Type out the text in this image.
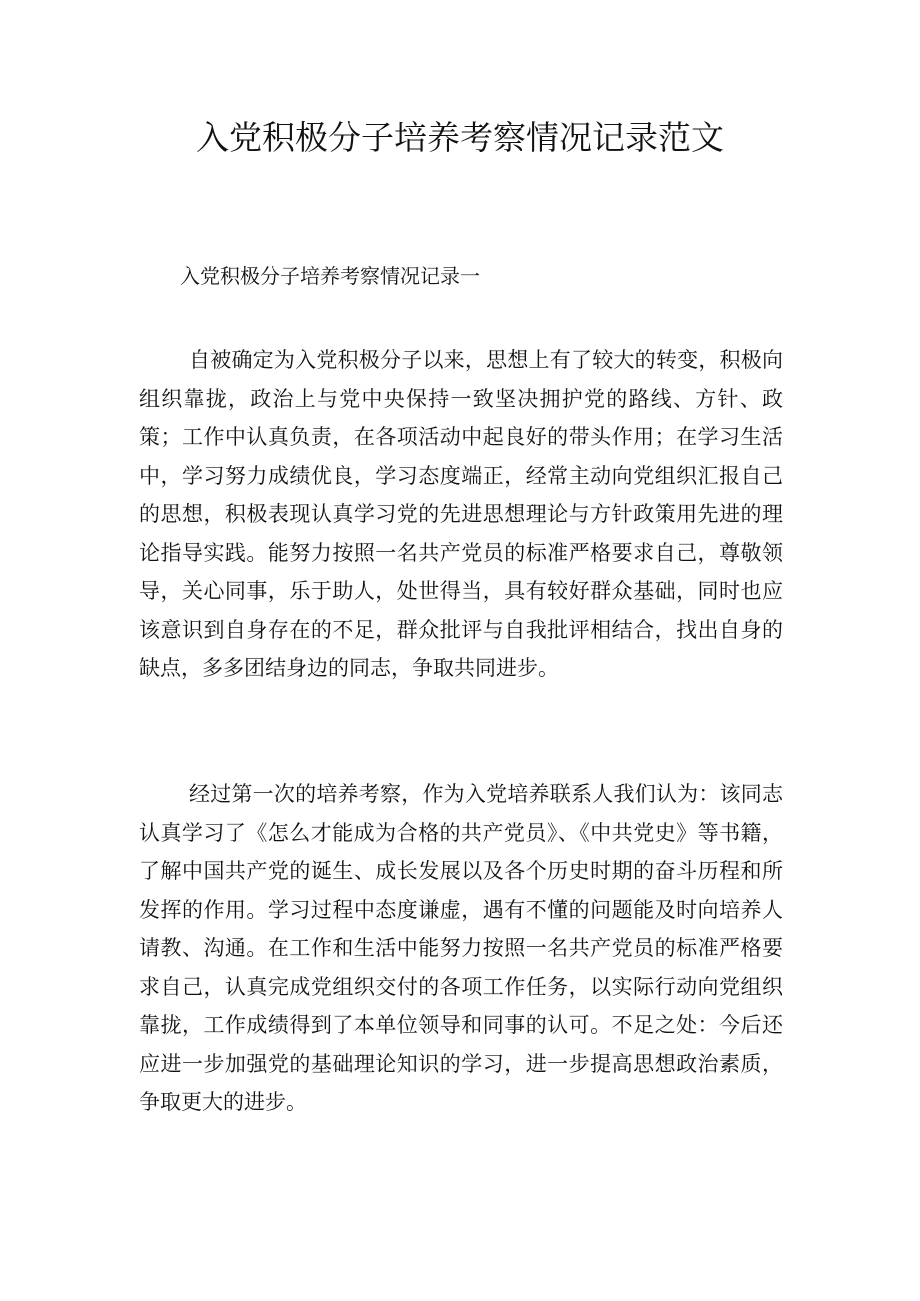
入党积极分子培养考察情况记录范文

入党积极分子培养考察情况记录一

自被确定为入党积极分子以来，思想上有了较大的转变，积极向组织靠拢，政治上与党中央保持一致坚决拥护党的路线、方针、政策；工作中认真负责，在各项活动中起良好的带头作用；在学习生活中，学习努力成绩优良，学习态度端正，经常主动向党组织汇报自己的思想，积极表现认真学习党的先进思想理论与方针政策用先进的理论指导实践。能努力按照一名共产党员的标准严格要求自己，尊敬领导，关心同事，乐于助人，处世得当，具有较好群众基础，同时也应该意识到自身存在的不足，群众批评与自我批评相结合，找出自身的缺点，多多团结身边的同志，争取共同进步。

经过第一次的培养考察，作为入党培养联系人我们认为：该同志认真学习了《怎么才能成为合格的共产党员》、《中共党史》等书籍，了解中国共产党的诞生、成长发展以及各个历史时期的奋斗历程和所发挥的作用。学习过程中态度谦虚，遇有不懂的问题能及时向培养人请教、沟通。在工作和生活中能努力按照一名共产党员的标准严格要求自己，认真完成党组织交付的各项工作任务，以实际行动向党组织靠拢，工作成绩得到了本单位领导和同事的认可。不足之处：今后还应进一步加强党的基础理论知识的学习，进一步提高思想政治素质，争取更大的进步。
